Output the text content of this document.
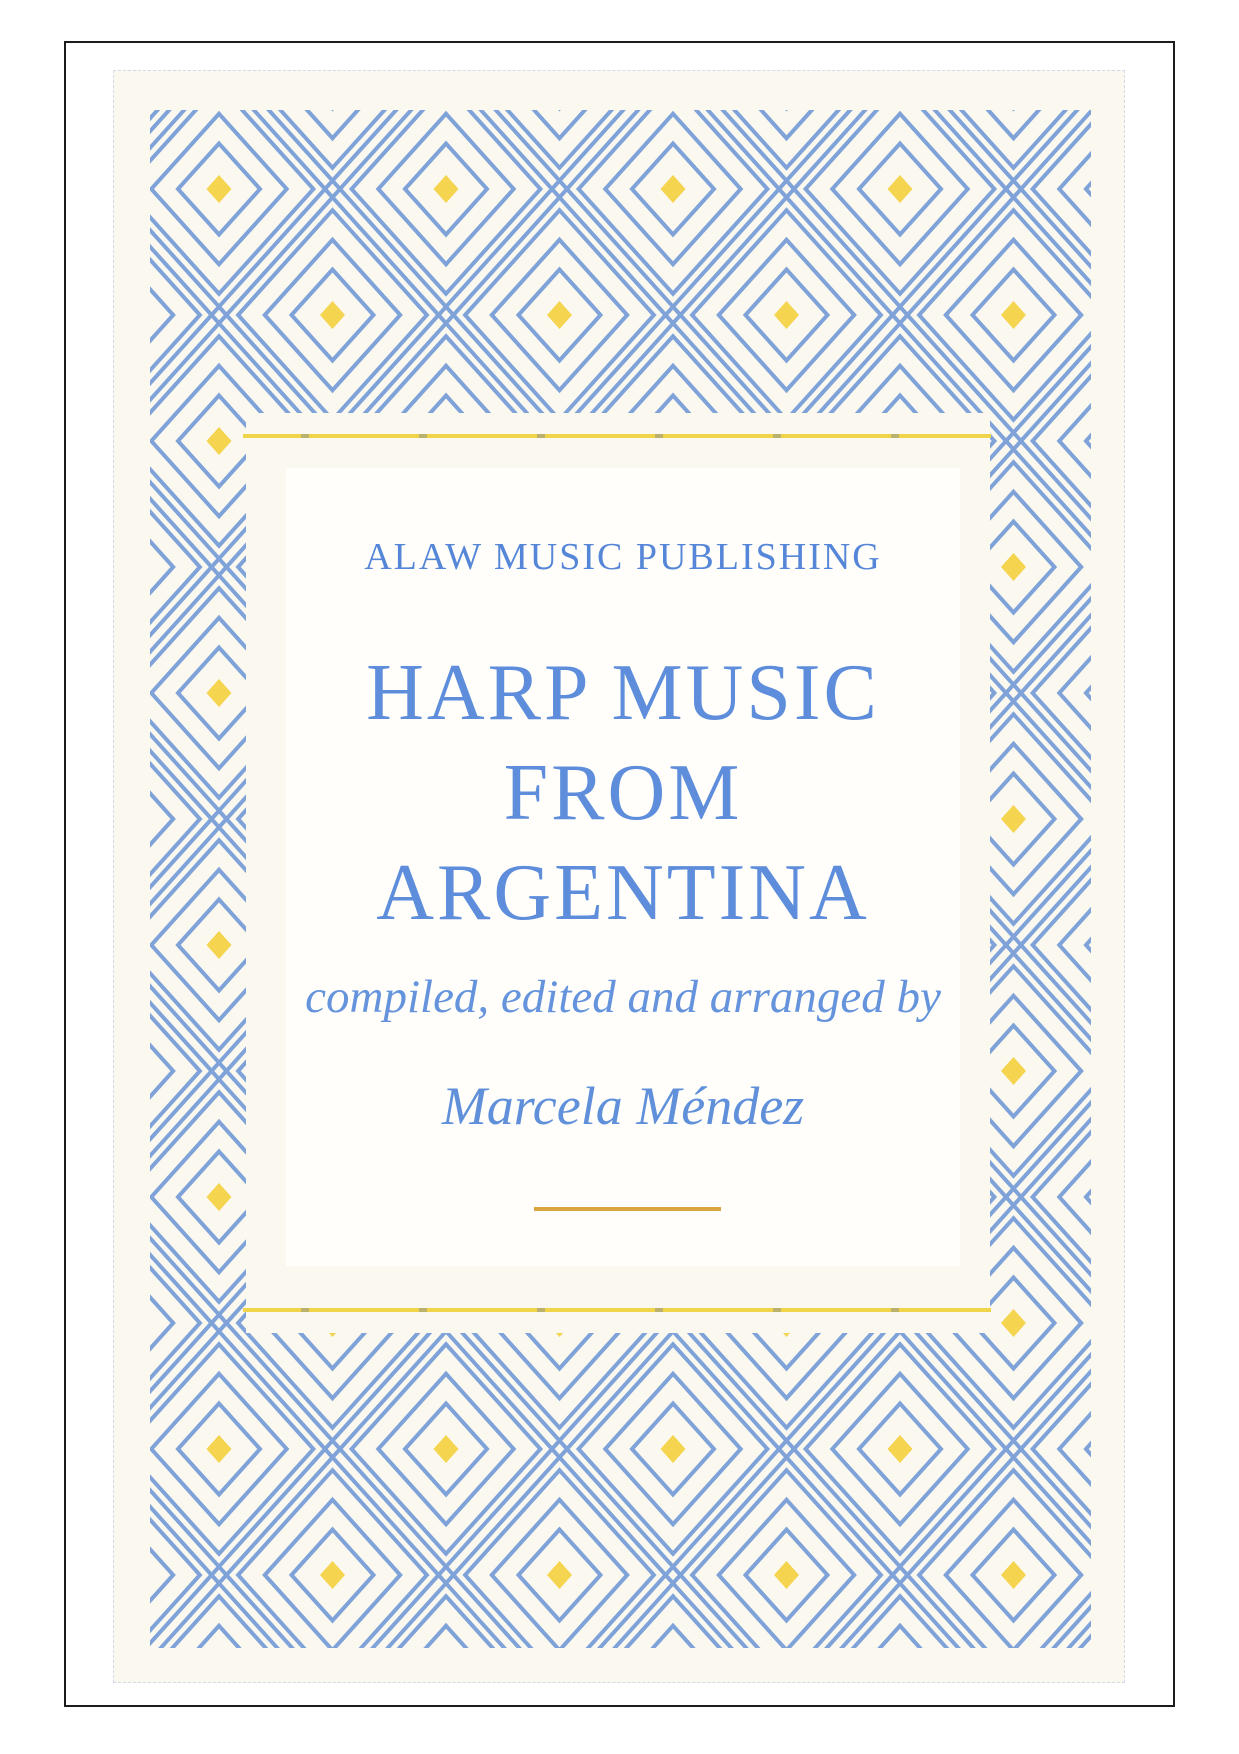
ALAW MUSIC PUBLISHING
HARP MUSIC
FROM
ARGENTINA
compiled, edited and arranged by
Marcela Méndez
